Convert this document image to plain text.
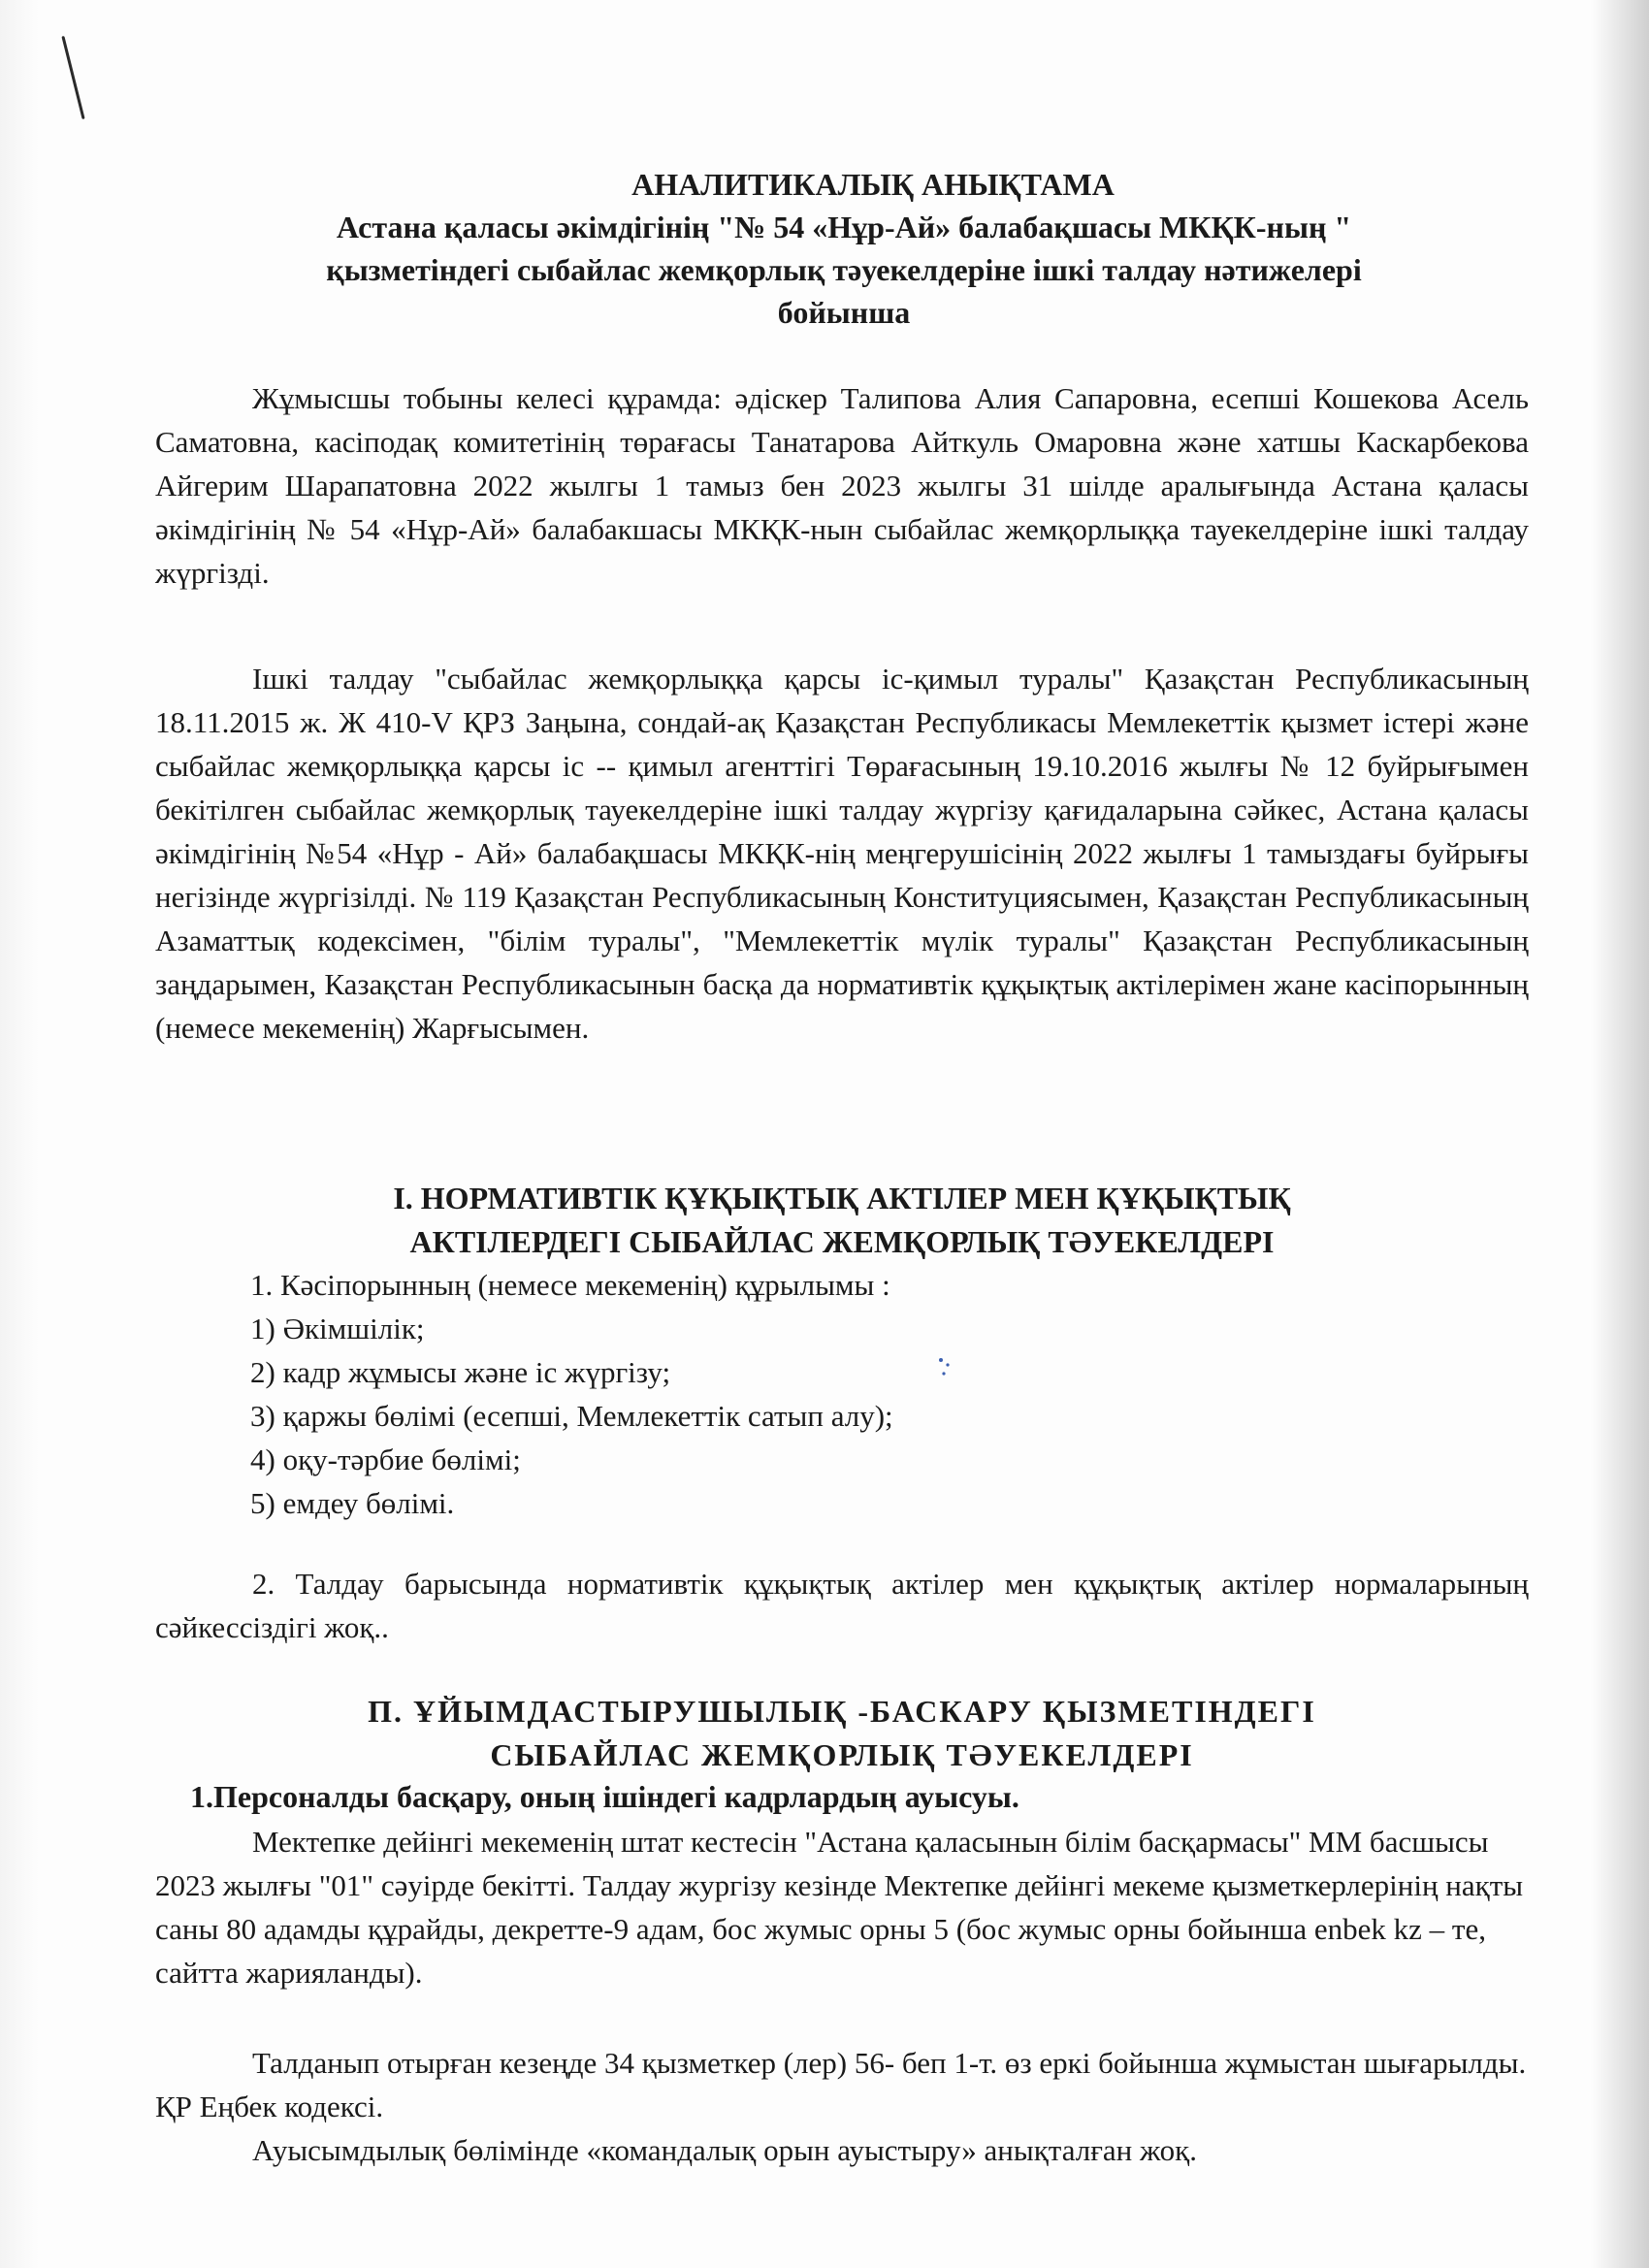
АНАЛИТИКАЛЫҚ АНЫҚТАМА
Астана қаласы әкімдігінің "№ 54 «Нұр-Ай» балабақшасы МКҚК-ның "
қызметіндегі сыбайлас жемқорлық тәуекелдеріне ішкі талдау нәтижелері
бойынша
Жұмысшы тобыны келесі құрамда: әдіскер Талипова Алия Сапаровна, есепші Кошекова Асель Саматовна, касіподақ комитетінің төрағасы Танатарова Айткуль Омаровна және хатшы Каскарбекова Айгерим Шарапатовна 2022 жылгы 1 тамыз бен 2023 жылгы 31 шілде аралығында Астана қаласы әкімдігінің № 54 «Нұр-Ай» балабакшасы МКҚК-нын сыбайлас жемқорлыққа тауекелдеріне ішкі талдау жүргізді.
Ішкі талдау "сыбайлас жемқорлыққа қарсы іс-қимыл туралы" Қазақстан Республикасының 18.11.2015 ж. Ж 410-V ҚРЗ Заңына, сондай-ақ Қазақстан Республикасы Мемлекеттік қызмет істері және сыбайлас жемқорлыққа қарсы іс -- қимыл агенттігі Төрағасының 19.10.2016 жылғы № 12 буйрығымен бекітілген сыбайлас жемқорлық тауекелдеріне ішкі талдау жүргізу қағидаларына сәйкес, Астана қаласы әкімдігінің №54 «Нұр - Ай» балабақшасы МКҚК-нің меңгерушісінің 2022 жылғы 1 тамыздағы буйрығы негізінде жүргізілді. № 119 Қазақстан Республикасының Конституциясымен, Қазақстан Республикасының Азаматтық кодексімен, "білім туралы", "Мемлекеттік мүлік туралы" Қазақстан Республикасының заңдарымен, Казақстан Республикасынын басқа да нормативтік құқықтық актілерімен жане касіпорынның (немесе мекеменің) Жарғысымен.
I. НОРМАТИВТІК ҚҰҚЫҚТЫҚ АКТІЛЕР МЕН ҚҰҚЫҚТЫҚ
АКТІЛЕРДЕГІ СЫБАЙЛАС ЖЕМҚОРЛЫҚ ТӘУЕКЕЛДЕРІ
1. Кәсіпорынның (немесе мекеменің) құрылымы :
1) Әкімшілік;
2) кадр жұмысы және іс жүргізу;
3) қаржы бөлімі (есепші, Мемлекеттік сатып алу);
4) оқу-тәрбие бөлімі;
5) емдеу бөлімі.
2. Талдау барысында нормативтік құқықтық актілер мен құқықтық актілер нормаларының сәйкессіздігі жоқ..
П. ҰЙЫМДАСТЫРУШЫЛЫҚ -БАСКАРУ ҚЫЗМЕТІНДЕГІ
СЫБАЙЛАС ЖЕМҚОРЛЫҚ ТӘУЕКЕЛДЕРІ
1.Персоналды басқару, оның ішіндегі кадрлардың ауысуы.
Мектепке дейінгі мекеменің штат кестесін "Астана қаласынын білім басқармасы" ММ басшысы 2023 жылғы "01" сәуірде бекітті. Талдау жургізу кезінде Мектепке дейінгі мекеме қызметкерлерінің нақты саны 80 адамды құрайды, декретте-9 адам, бос жумыс орны 5 (бос жумыс орны бойынша enbek kz – те, сайтта жарияланды).
Талданып отырған кезеңде 34 қызметкер (лер) 56- беп 1-т. өз еркі бойынша жұмыстан шығарылды. ҚР Еңбек кодексі.
Ауысымдылық бөлімінде «командалық орын ауыстыру» анықталған жоқ.
